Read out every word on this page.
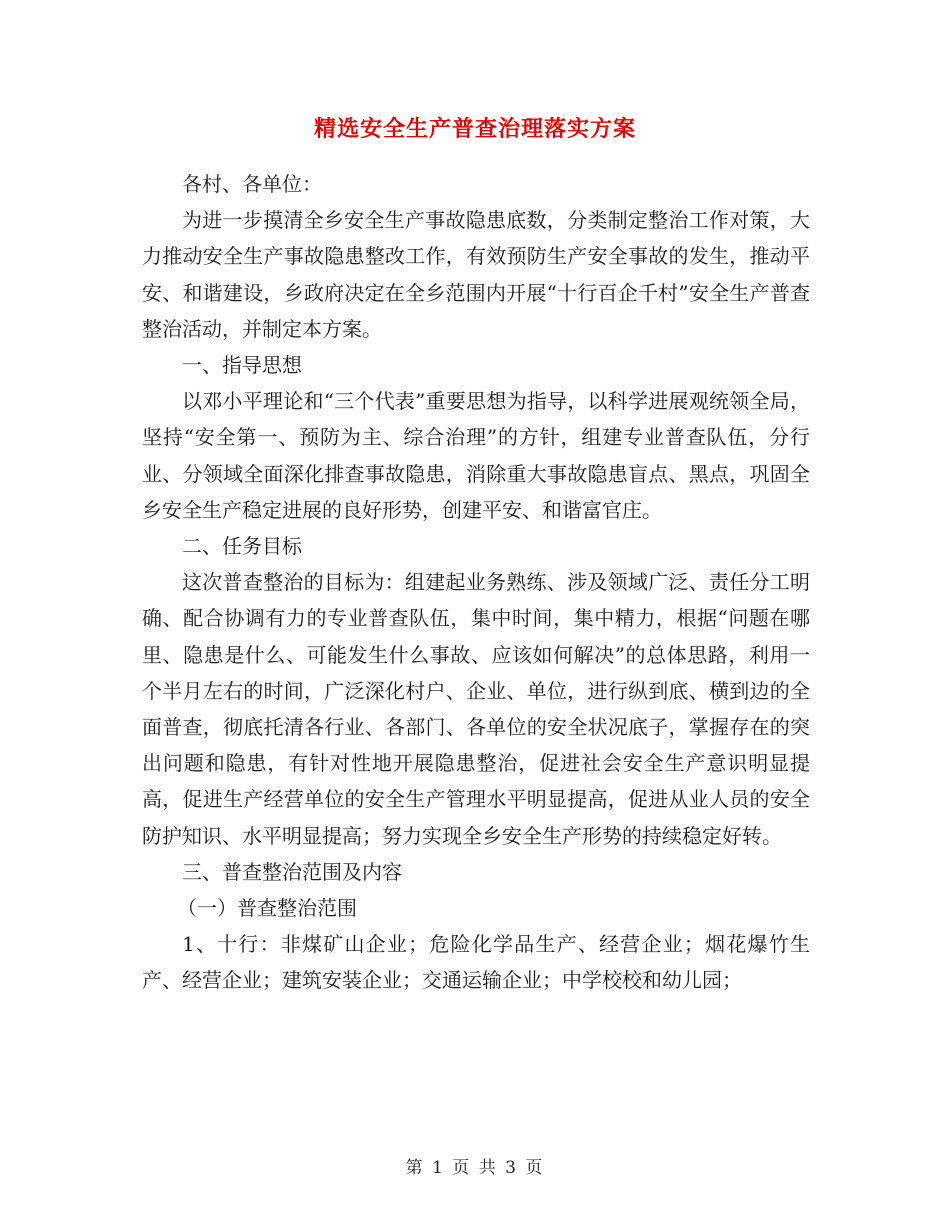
精选安全生产普查治理落实方案

各村、各单位：

为进一步摸清全乡安全生产事故隐患底数，分类制定整治工作对策，大力推动安全生产事故隐患整改工作，有效预防生产安全事故的发生，推动平安、和谐建设，乡政府决定在全乡范围内开展“十行百企千村”安全生产普查整治活动，并制定本方案。

一、指导思想

以邓小平理论和“三个代表”重要思想为指导，以科学进展观统领全局，坚持“安全第一、预防为主、综合治理”的方针，组建专业普查队伍，分行业、分领域全面深化排查事故隐患，消除重大事故隐患盲点、黑点，巩固全乡安全生产稳定进展的良好形势，创建平安、和谐富官庄。

二、任务目标

这次普查整治的目标为：组建起业务熟练、涉及领域广泛、责任分工明确、配合协调有力的专业普查队伍，集中时间，集中精力，根据“问题在哪里、隐患是什么、可能发生什么事故、应该如何解决”的总体思路，利用一个半月左右的时间，广泛深化村户、企业、单位，进行纵到底、横到边的全面普查，彻底托清各行业、各部门、各单位的安全状况底子，掌握存在的突出问题和隐患，有针对性地开展隐患整治，促进社会安全生产意识明显提高，促进生产经营单位的安全生产管理水平明显提高，促进从业人员的安全防护知识、水平明显提高；努力实现全乡安全生产形势的持续稳定好转。

三、普查整治范围及内容

（一）普查整治范围

1、十行：非煤矿山企业；危险化学品生产、经营企业；烟花爆竹生产、经营企业；建筑安装企业；交通运输企业；中学校校和幼儿园；

第 1 页 共 3 页
